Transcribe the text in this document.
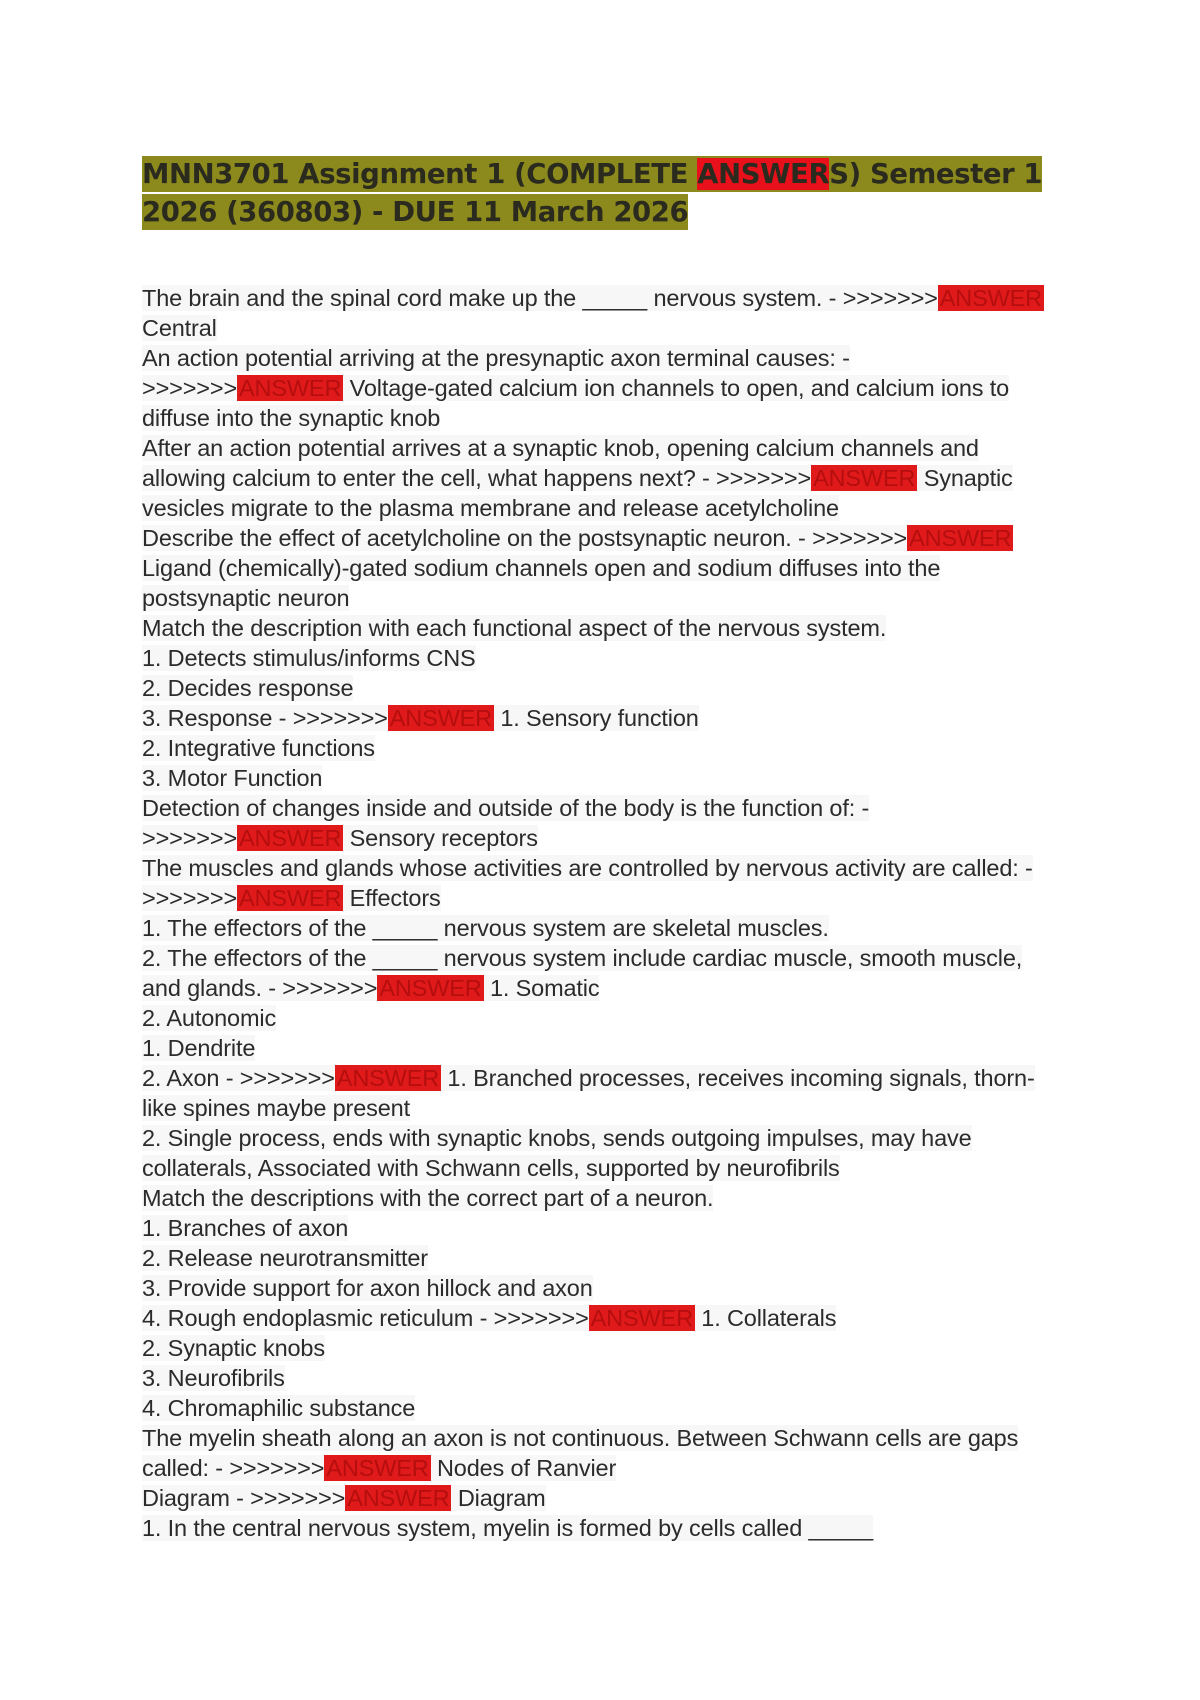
MNN3701 Assignment 1 (COMPLETE ANSWERS) Semester 1 2026 (360803) - DUE 11 March 2026

The brain and the spinal cord make up the _____ nervous system. - >>>>>>>ANSWER

Central

An action potential arriving at the presynaptic axon terminal causes: -

>>>>>>>ANSWER Voltage-gated calcium ion channels to open, and calcium ions to

diffuse into the synaptic knob

After an action potential arrives at a synaptic knob, opening calcium channels and

allowing calcium to enter the cell, what happens next? - >>>>>>>ANSWER Synaptic

vesicles migrate to the plasma membrane and release acetylcholine

Describe the effect of acetylcholine on the postsynaptic neuron. - >>>>>>>ANSWER

Ligand (chemically)-gated sodium channels open and sodium diffuses into the

postsynaptic neuron

Match the description with each functional aspect of the nervous system.

1. Detects stimulus/informs CNS

2. Decides response

3. Response - >>>>>>>ANSWER 1. Sensory function

2. Integrative functions

3. Motor Function

Detection of changes inside and outside of the body is the function of: -

>>>>>>>ANSWER Sensory receptors

The muscles and glands whose activities are controlled by nervous activity are called: -

>>>>>>>ANSWER Effectors

1. The effectors of the _____ nervous system are skeletal muscles.

2. The effectors of the _____ nervous system include cardiac muscle, smooth muscle,

and glands. - >>>>>>>ANSWER 1. Somatic

2. Autonomic

1. Dendrite

2. Axon - >>>>>>>ANSWER 1. Branched processes, receives incoming signals, thorn-

like spines maybe present

2. Single process, ends with synaptic knobs, sends outgoing impulses, may have

collaterals, Associated with Schwann cells, supported by neurofibrils

Match the descriptions with the correct part of a neuron.

1. Branches of axon

2. Release neurotransmitter

3. Provide support for axon hillock and axon

4. Rough endoplasmic reticulum - >>>>>>>ANSWER 1. Collaterals

2. Synaptic knobs

3. Neurofibrils

4. Chromaphilic substance

The myelin sheath along an axon is not continuous. Between Schwann cells are gaps

called: - >>>>>>>ANSWER Nodes of Ranvier

Diagram - >>>>>>>ANSWER Diagram

1. In the central nervous system, myelin is formed by cells called _____
